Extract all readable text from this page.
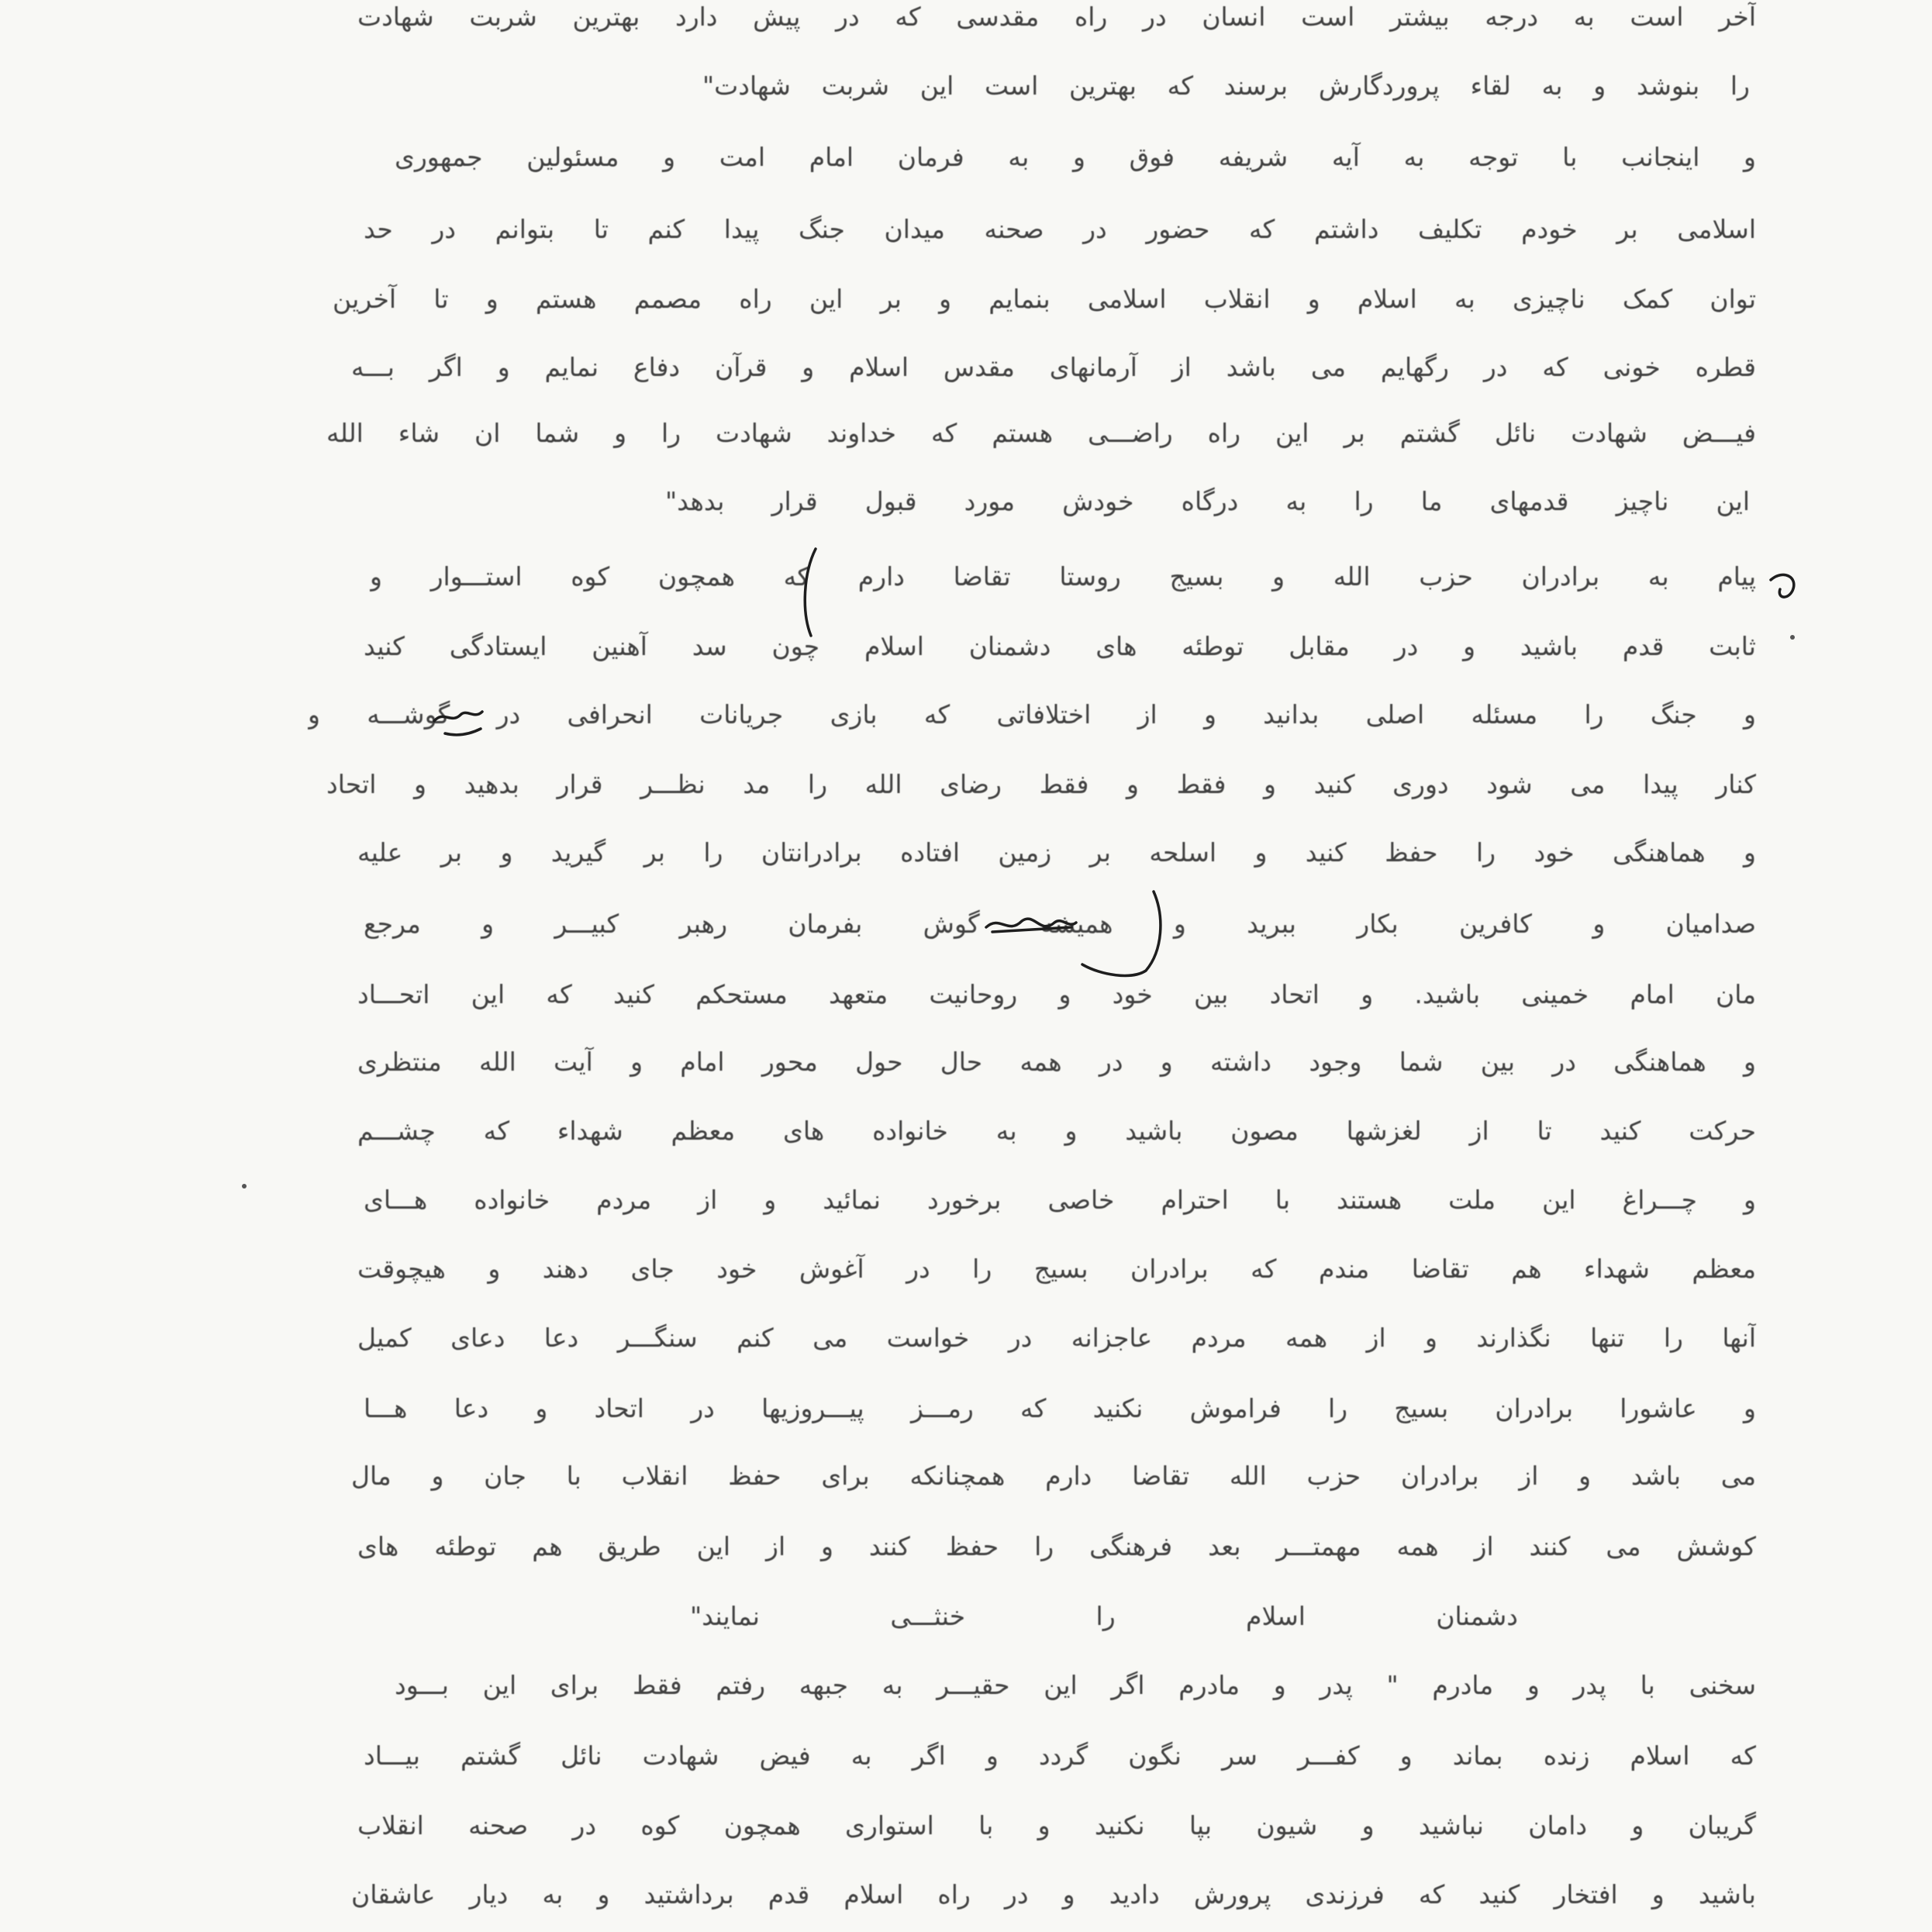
آخر است به درجه بیشتر است انسان در راه مقدسی که در پیش دارد بهترین شربت شهادت
را بنوشد و به لقاء پروردگارش برسند که بهترین است این شربت شهادت"
و اینجانب با توجه به آیه شریفه فوق و به فرمان امام امت و مسئولین جمهوری
اسلامی بر خودم تکلیف داشتم که حضور در صحنه میدان جنگ پیدا کنم تا بتوانم در حد
توان کمک ناچیزی به اسلام و انقلاب اسلامی بنمایم و بر این راه مصمم هستم و تا آخرین
قطره خونی که در رگهایم می باشد از آرمانهای مقدس اسلام و قرآن دفاع نمایم و اگر بـــه
فیـــض شهادت نائل گشتم بر این راه راضـــی هستم که خداوند شهادت را و شما ان شاء الله
این ناچیز قدمهای ما را به درگاه خودش مورد قبول قرار بدهد"
پیام به برادران حزب الله و بسیج روستا تقاضا دارم که همچون کوه استـــوار و
ثابت قدم باشید و در مقابل توطئه های دشمنان اسلام چون سد آهنین ایستادگی کنید
و جنگ را مسئله اصلی بدانید و از اختلافاتی که بازی جریانات انحرافی در گوشـــه و
کنار پیدا می شود دوری کنید و فقط و فقط رضای الله را مد نظـــر قرار بدهید و اتحاد
و هماهنگی خود را حفظ کنید و اسلحه بر زمین افتاده برادرانتان را بر گیرید و بر علیه
صدامیان و کافرین بکار ببرید و همیشه گوش بفرمان رهبر کبیـــر و مرجع
مان امام خمینی باشید. و اتحاد بین خود و روحانیت متعهد مستحکم کنید که این اتحـــاد
و هماهنگی در بین شما وجود داشته و در همه حال حول محور امام و آیت الله منتظری
حرکت کنید تا از لغزشها مصون باشید و به خانواده های معظم شهداء که چشـــم
و چـــراغ این ملت هستند با احترام خاصی برخورد نمائید و از مردم خانواده هـــای
معظم شهداء هم تقاضا مندم که برادران بسیج را در آغوش خود جای دهند و هیچوقت
آنها را تنها نگذارند و از همه مردم عاجزانه در خواست می کنم سنگـــر دعا دعای کمیل
و عاشورا برادران بسیج را فراموش نکنید که رمـــز پیـــروزیها در اتحاد و دعا هـــا
می باشد و از برادران حزب الله تقاضا دارم همچنانکه برای حفظ انقلاب با جان و مال
کوشش می کنند از همه مهمتـــر بعد فرهنگی را حفظ کنند و از این طریق هم توطئه های
دشمنان اسلام را خنثـــی نمایند"
سخنی با پدر و مادرم " پدر و مادرم اگر این حقیـــر به جبهه رفتم فقط برای این بـــود
که اسلام زنده بماند و کفـــر سر نگون گردد و اگر به فیض شهادت نائل گشتم بیـــاد
گریبان و دامان نباشید و شیون بپا نکنید و با استواری همچون کوه در صحنه انقلاب
باشید و افتخار کنید که فرزندی پرورش دادید و در راه اسلام قدم برداشتید و به دیار عاشقان
